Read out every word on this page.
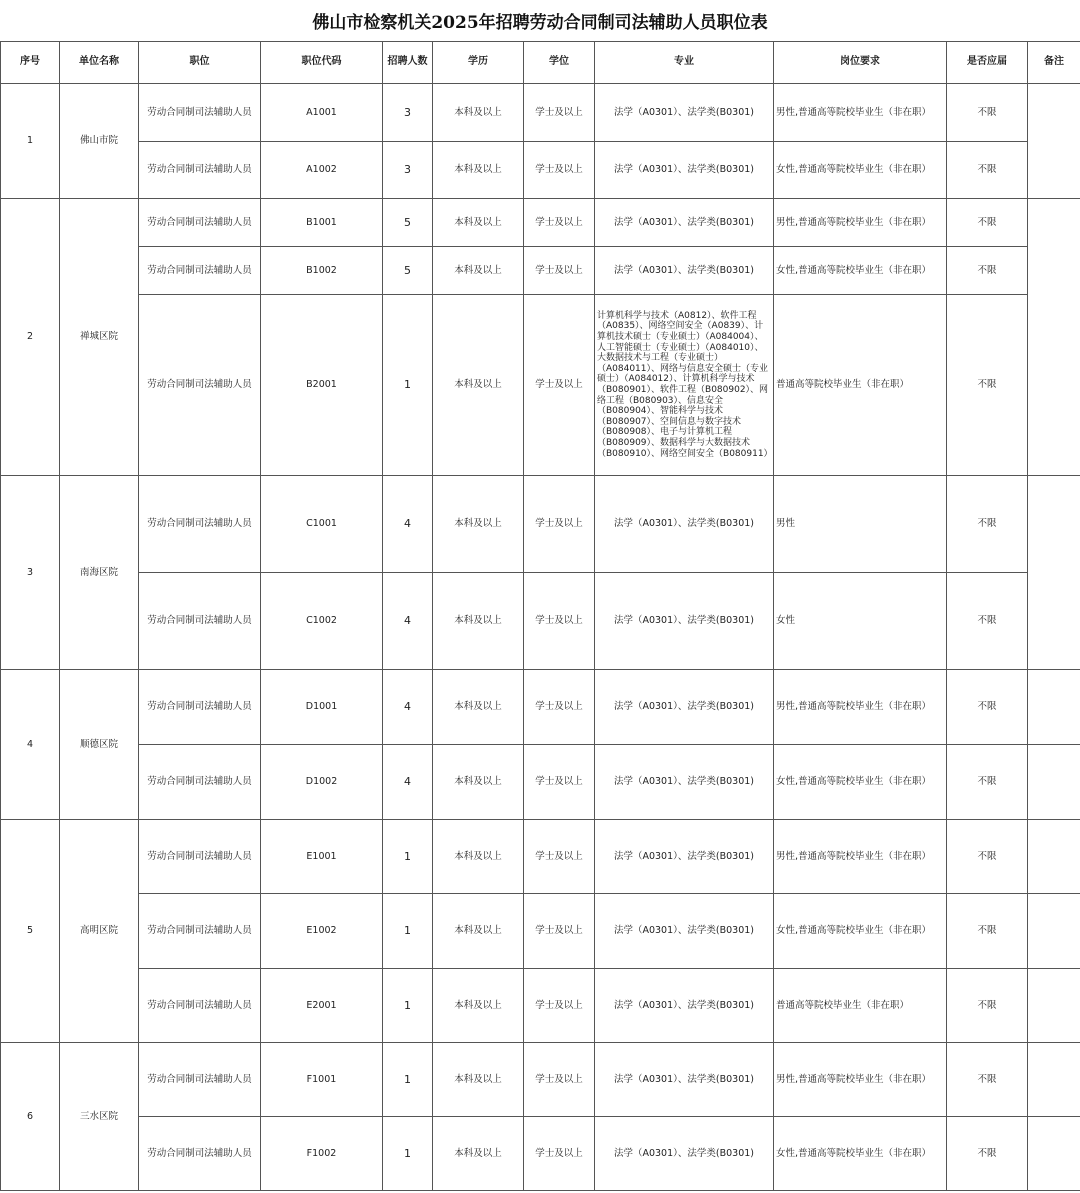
佛山市检察机关2025年招聘劳动合同制司法辅助人员职位表
序号	单位名称	职位	职位代码	招聘人数	学历	学位	专业	岗位要求	是否应届	备注
1	佛山市院	劳动合同制司法辅助人员	A1001	3	本科及以上	学士及以上	法学（A0301）、法学类(B0301)	男性,普通高等院校毕业生（非在职）	不限	
		劳动合同制司法辅助人员	A1002	3	本科及以上	学士及以上	法学（A0301）、法学类(B0301)	女性,普通高等院校毕业生（非在职）	不限	
2	禅城区院	劳动合同制司法辅助人员	B1001	5	本科及以上	学士及以上	法学（A0301）、法学类(B0301)	男性,普通高等院校毕业生（非在职）	不限	
		劳动合同制司法辅助人员	B1002	5	本科及以上	学士及以上	法学（A0301）、法学类(B0301)	女性,普通高等院校毕业生（非在职）	不限	
		劳动合同制司法辅助人员	B2001	1	本科及以上	学士及以上	计算机科学与技术（A0812）、软件工程（A0835）、网络空间安全（A0839）、计算机技术硕士（专业硕士）（A084004）、人工智能硕士（专业硕士）（A084010）、大数据技术与工程（专业硕士）（A084011）、网络与信息安全硕士（专业硕士）（A084012）、计算机科学与技术（B080901）、软件工程（B080902）、网络工程（B080903）、信息安全（B080904）、智能科学与技术（B080907）、空间信息与数字技术（B080908）、电子与计算机工程（B080909）、数据科学与大数据技术（B080910）、网络空间安全（B080911）	普通高等院校毕业生（非在职）	不限	
3	南海区院	劳动合同制司法辅助人员	C1001	4	本科及以上	学士及以上	法学（A0301）、法学类(B0301)	男性	不限	
		劳动合同制司法辅助人员	C1002	4	本科及以上	学士及以上	法学（A0301）、法学类(B0301)	女性	不限	
4	顺德区院	劳动合同制司法辅助人员	D1001	4	本科及以上	学士及以上	法学（A0301）、法学类(B0301)	男性,普通高等院校毕业生（非在职）	不限	
		劳动合同制司法辅助人员	D1002	4	本科及以上	学士及以上	法学（A0301）、法学类(B0301)	女性,普通高等院校毕业生（非在职）	不限	
5	高明区院	劳动合同制司法辅助人员	E1001	1	本科及以上	学士及以上	法学（A0301）、法学类(B0301)	男性,普通高等院校毕业生（非在职）	不限	
		劳动合同制司法辅助人员	E1002	1	本科及以上	学士及以上	法学（A0301）、法学类(B0301)	女性,普通高等院校毕业生（非在职）	不限	
		劳动合同制司法辅助人员	E2001	1	本科及以上	学士及以上	法学（A0301）、法学类(B0301)	普通高等院校毕业生（非在职）	不限	
6	三水区院	劳动合同制司法辅助人员	F1001	1	本科及以上	学士及以上	法学（A0301）、法学类(B0301)	男性,普通高等院校毕业生（非在职）	不限	
		劳动合同制司法辅助人员	F1002	1	本科及以上	学士及以上	法学（A0301）、法学类(B0301)	女性,普通高等院校毕业生（非在职）	不限	
